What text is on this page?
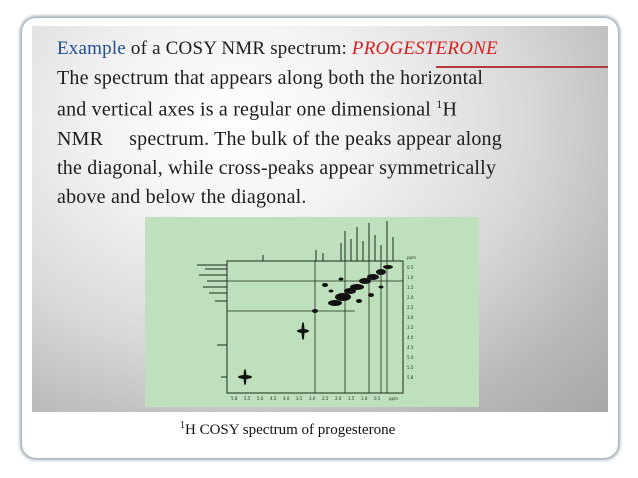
Example of a COSY NMR spectrum: PROGESTERONE
The spectrum that appears along both the horizontal
and vertical axes is a regular one dimensional $^1$H
NMR     spectrum. The bulk of the peaks appear along
the diagonal, while cross-peaks appear symmetrically
above and below the diagonal.
5.8 5.5 5.0 4.5 4.0 3.5 3.0 2.5 2.0 1.5 1.0 0.5 ppm
ppm
0.5
1.0
1.5
2.0
2.5
3.0
3.5
4.0
4.5
5.0
5.5
5.8
$^1$H COSY spectrum of progesterone
